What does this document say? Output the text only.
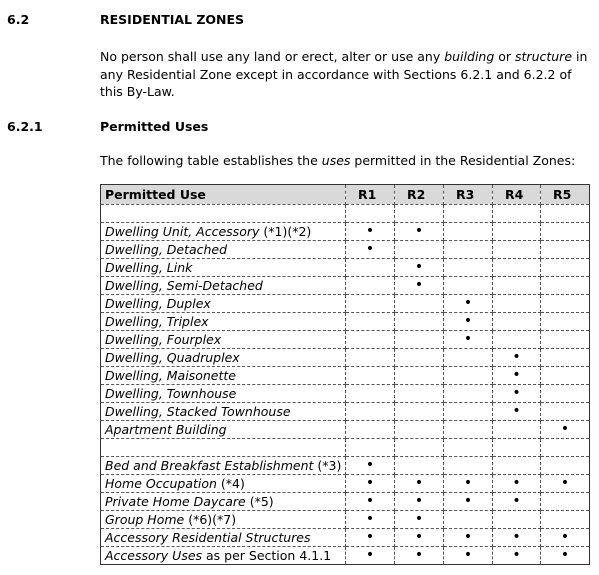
6.2	RESIDENTIAL ZONES
No person shall use any land or erect, alter or use any building or structure in any Residential Zone except in accordance with Sections 6.2.1 and 6.2.2 of this By-Law.
6.2.1	Permitted Uses
The following table establishes the uses permitted in the Residential Zones:
Permitted Use	R1	R2	R3	R4	R5

Dwelling Unit, Accessory (*1)(*2)	•	•			
Dwelling, Detached	•				
Dwelling, Link		•			
Dwelling, Semi-Detached		•			
Dwelling, Duplex			•		
Dwelling, Triplex			•		
Dwelling, Fourplex			•		
Dwelling, Quadruplex				•	
Dwelling, Maisonette				•	
Dwelling, Townhouse				•	
Dwelling, Stacked Townhouse				•	
Apartment Building					•

Bed and Breakfast Establishment (*3)	•				
Home Occupation (*4)	•	•	•	•	•
Private Home Daycare (*5)	•	•	•	•	
Group Home (*6)(*7)	•	•			
Accessory Residential Structures	•	•	•	•	•
Accessory Uses as per Section 4.1.1	•	•	•	•	•
